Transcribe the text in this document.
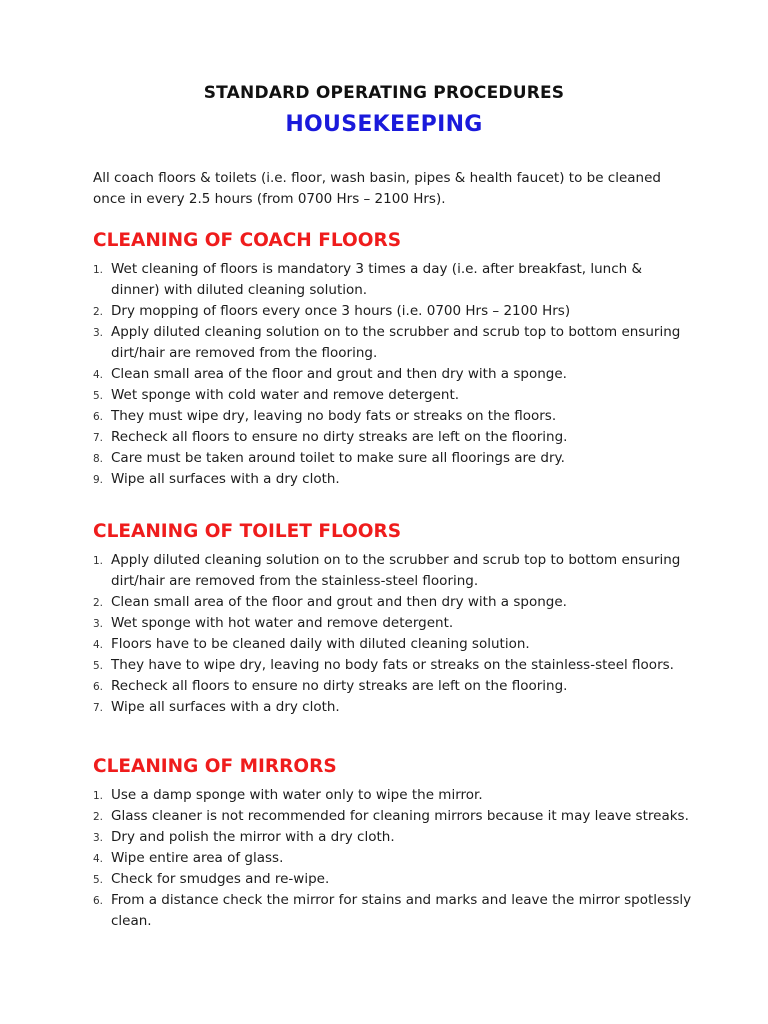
STANDARD OPERATING PROCEDURES
HOUSEKEEPING

All coach floors & toilets (i.e. floor, wash basin, pipes & health faucet) to be cleaned once in every 2.5 hours (from 0700 Hrs – 2100 Hrs).

CLEANING OF COACH FLOORS
1. Wet cleaning of floors is mandatory 3 times a day (i.e. after breakfast, lunch & dinner) with diluted cleaning solution.
2. Dry mopping of floors every once 3 hours (i.e. 0700 Hrs – 2100 Hrs)
3. Apply diluted cleaning solution on to the scrubber and scrub top to bottom ensuring dirt/hair are removed from the flooring.
4. Clean small area of the floor and grout and then dry with a sponge.
5. Wet sponge with cold water and remove detergent.
6. They must wipe dry, leaving no body fats or streaks on the floors.
7. Recheck all floors to ensure no dirty streaks are left on the flooring.
8. Care must be taken around toilet to make sure all floorings are dry.
9. Wipe all surfaces with a dry cloth.
CLEANING OF TOILET FLOORS
1. Apply diluted cleaning solution on to the scrubber and scrub top to bottom ensuring dirt/hair are removed from the stainless-steel flooring.
2. Clean small area of the floor and grout and then dry with a sponge.
3. Wet sponge with hot water and remove detergent.
4. Floors have to be cleaned daily with diluted cleaning solution.
5. They have to wipe dry, leaving no body fats or streaks on the stainless-steel floors.
6. Recheck all floors to ensure no dirty streaks are left on the flooring.
7. Wipe all surfaces with a dry cloth.
CLEANING OF MIRRORS
1. Use a damp sponge with water only to wipe the mirror.
2. Glass cleaner is not recommended for cleaning mirrors because it may leave streaks.
3. Dry and polish the mirror with a dry cloth.
4. Wipe entire area of glass.
5. Check for smudges and re-wipe.
6. From a distance check the mirror for stains and marks and leave the mirror spotlessly clean.
